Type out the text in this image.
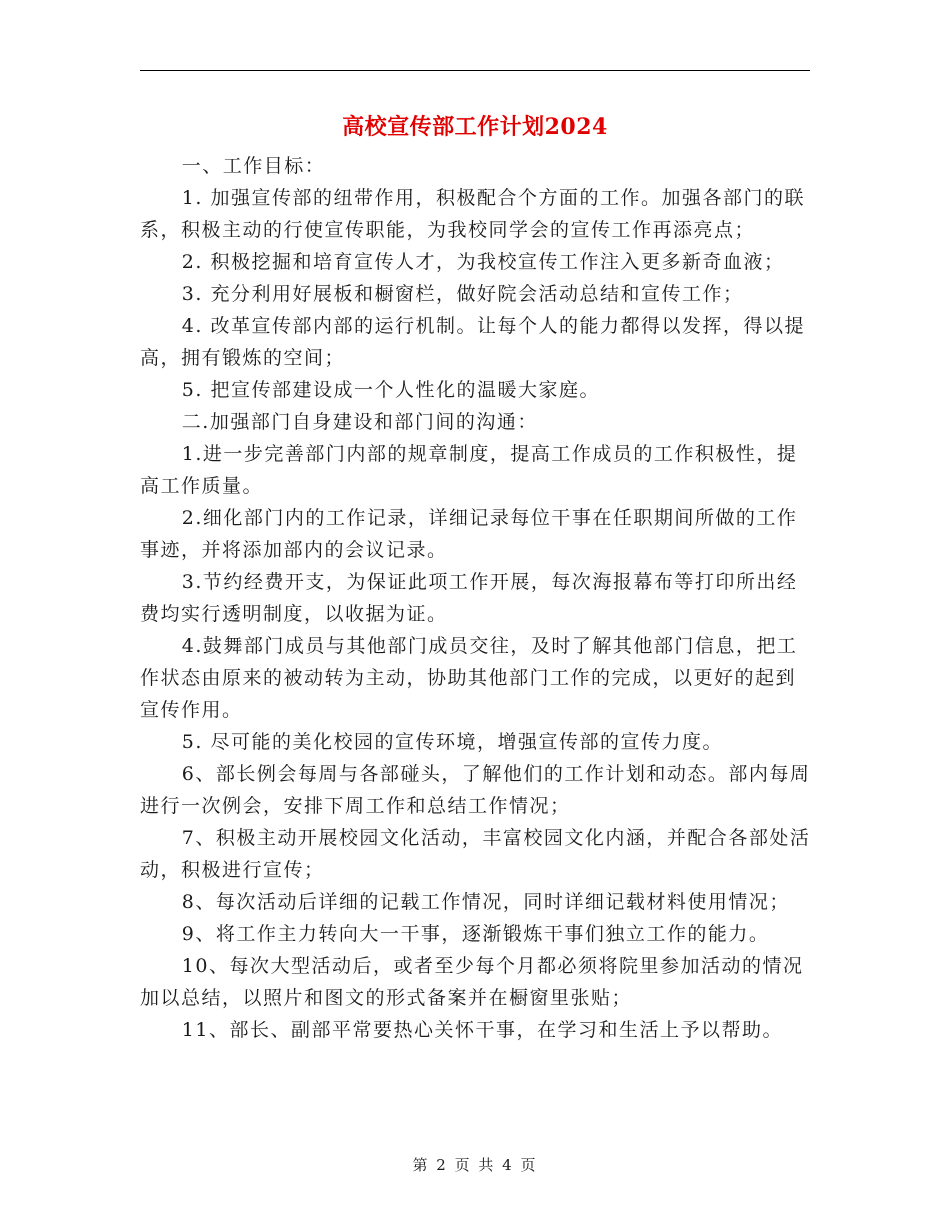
高校宣传部工作计划2024

一、工作目标：

1. 加强宣传部的纽带作用，积极配合个方面的工作。加强各部门的联系，积极主动的行使宣传职能，为我校同学会的宣传工作再添亮点；

2. 积极挖掘和培育宣传人才，为我校宣传工作注入更多新奇血液；

3. 充分利用好展板和橱窗栏，做好院会活动总结和宣传工作；

4. 改革宣传部内部的运行机制。让每个人的能力都得以发挥，得以提高，拥有锻炼的空间；

5. 把宣传部建设成一个人性化的温暖大家庭。

二.加强部门自身建设和部门间的沟通：

1.进一步完善部门内部的规章制度，提高工作成员的工作积极性，提高工作质量。

2.细化部门内的工作记录，详细记录每位干事在任职期间所做的工作事迹，并将添加部内的会议记录。

3.节约经费开支，为保证此项工作开展，每次海报幕布等打印所出经费均实行透明制度，以收据为证。

4.鼓舞部门成员与其他部门成员交往，及时了解其他部门信息，把工作状态由原来的被动转为主动，协助其他部门工作的完成，以更好的起到宣传作用。

5. 尽可能的美化校园的宣传环境，增强宣传部的宣传力度。

6、部长例会每周与各部碰头，了解他们的工作计划和动态。部内每周进行一次例会，安排下周工作和总结工作情况；

7、积极主动开展校园文化活动，丰富校园文化内涵，并配合各部处活动，积极进行宣传；

8、每次活动后详细的记载工作情况，同时详细记载材料使用情况；

9、将工作主力转向大一干事，逐渐锻炼干事们独立工作的能力。

10、每次大型活动后，或者至少每个月都必须将院里参加活动的情况加以总结，以照片和图文的形式备案并在橱窗里张贴；

11、部长、副部平常要热心关怀干事，在学习和生活上予以帮助。

第 2 页 共 4 页
